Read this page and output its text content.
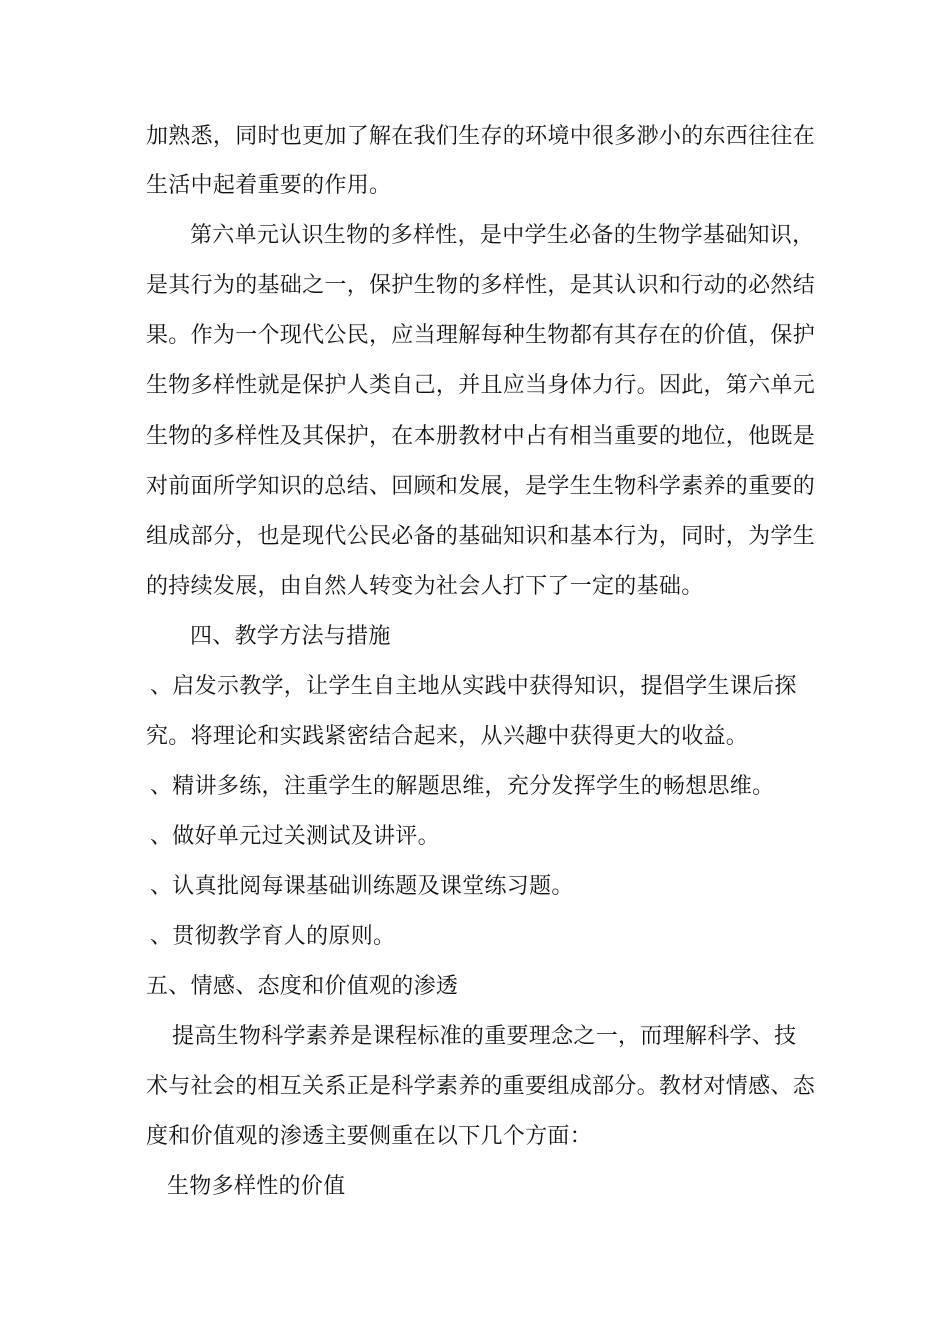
加熟悉，同时也更加了解在我们生存的环境中很多渺小的东西往往在
生活中起着重要的作用。
第六单元认识生物的多样性，是中学生必备的生物学基础知识，
是其行为的基础之一，保护生物的多样性，是其认识和行动的必然结
果。作为一个现代公民，应当理解每种生物都有其存在的价值，保护
生物多样性就是保护人类自己，并且应当身体力行。因此，第六单元
生物的多样性及其保护，在本册教材中占有相当重要的地位，他既是
对前面所学知识的总结、回顾和发展，是学生生物科学素养的重要的
组成部分，也是现代公民必备的基础知识和基本行为，同时，为学生
的持续发展，由自然人转变为社会人打下了一定的基础。
四、教学方法与措施
、启发示教学，让学生自主地从实践中获得知识，提倡学生课后探
究。将理论和实践紧密结合起来，从兴趣中获得更大的收益。
、精讲多练，注重学生的解题思维，充分发挥学生的畅想思维。
、做好单元过关测试及讲评。
、认真批阅每课基础训练题及课堂练习题。
、贯彻教学育人的原则。
五、情感、态度和价值观的渗透
提高生物科学素养是课程标准的重要理念之一，而理解科学、技
术与社会的相互关系正是科学素养的重要组成部分。教材对情感、态
度和价值观的渗透主要侧重在以下几个方面：
生物多样性的价值
